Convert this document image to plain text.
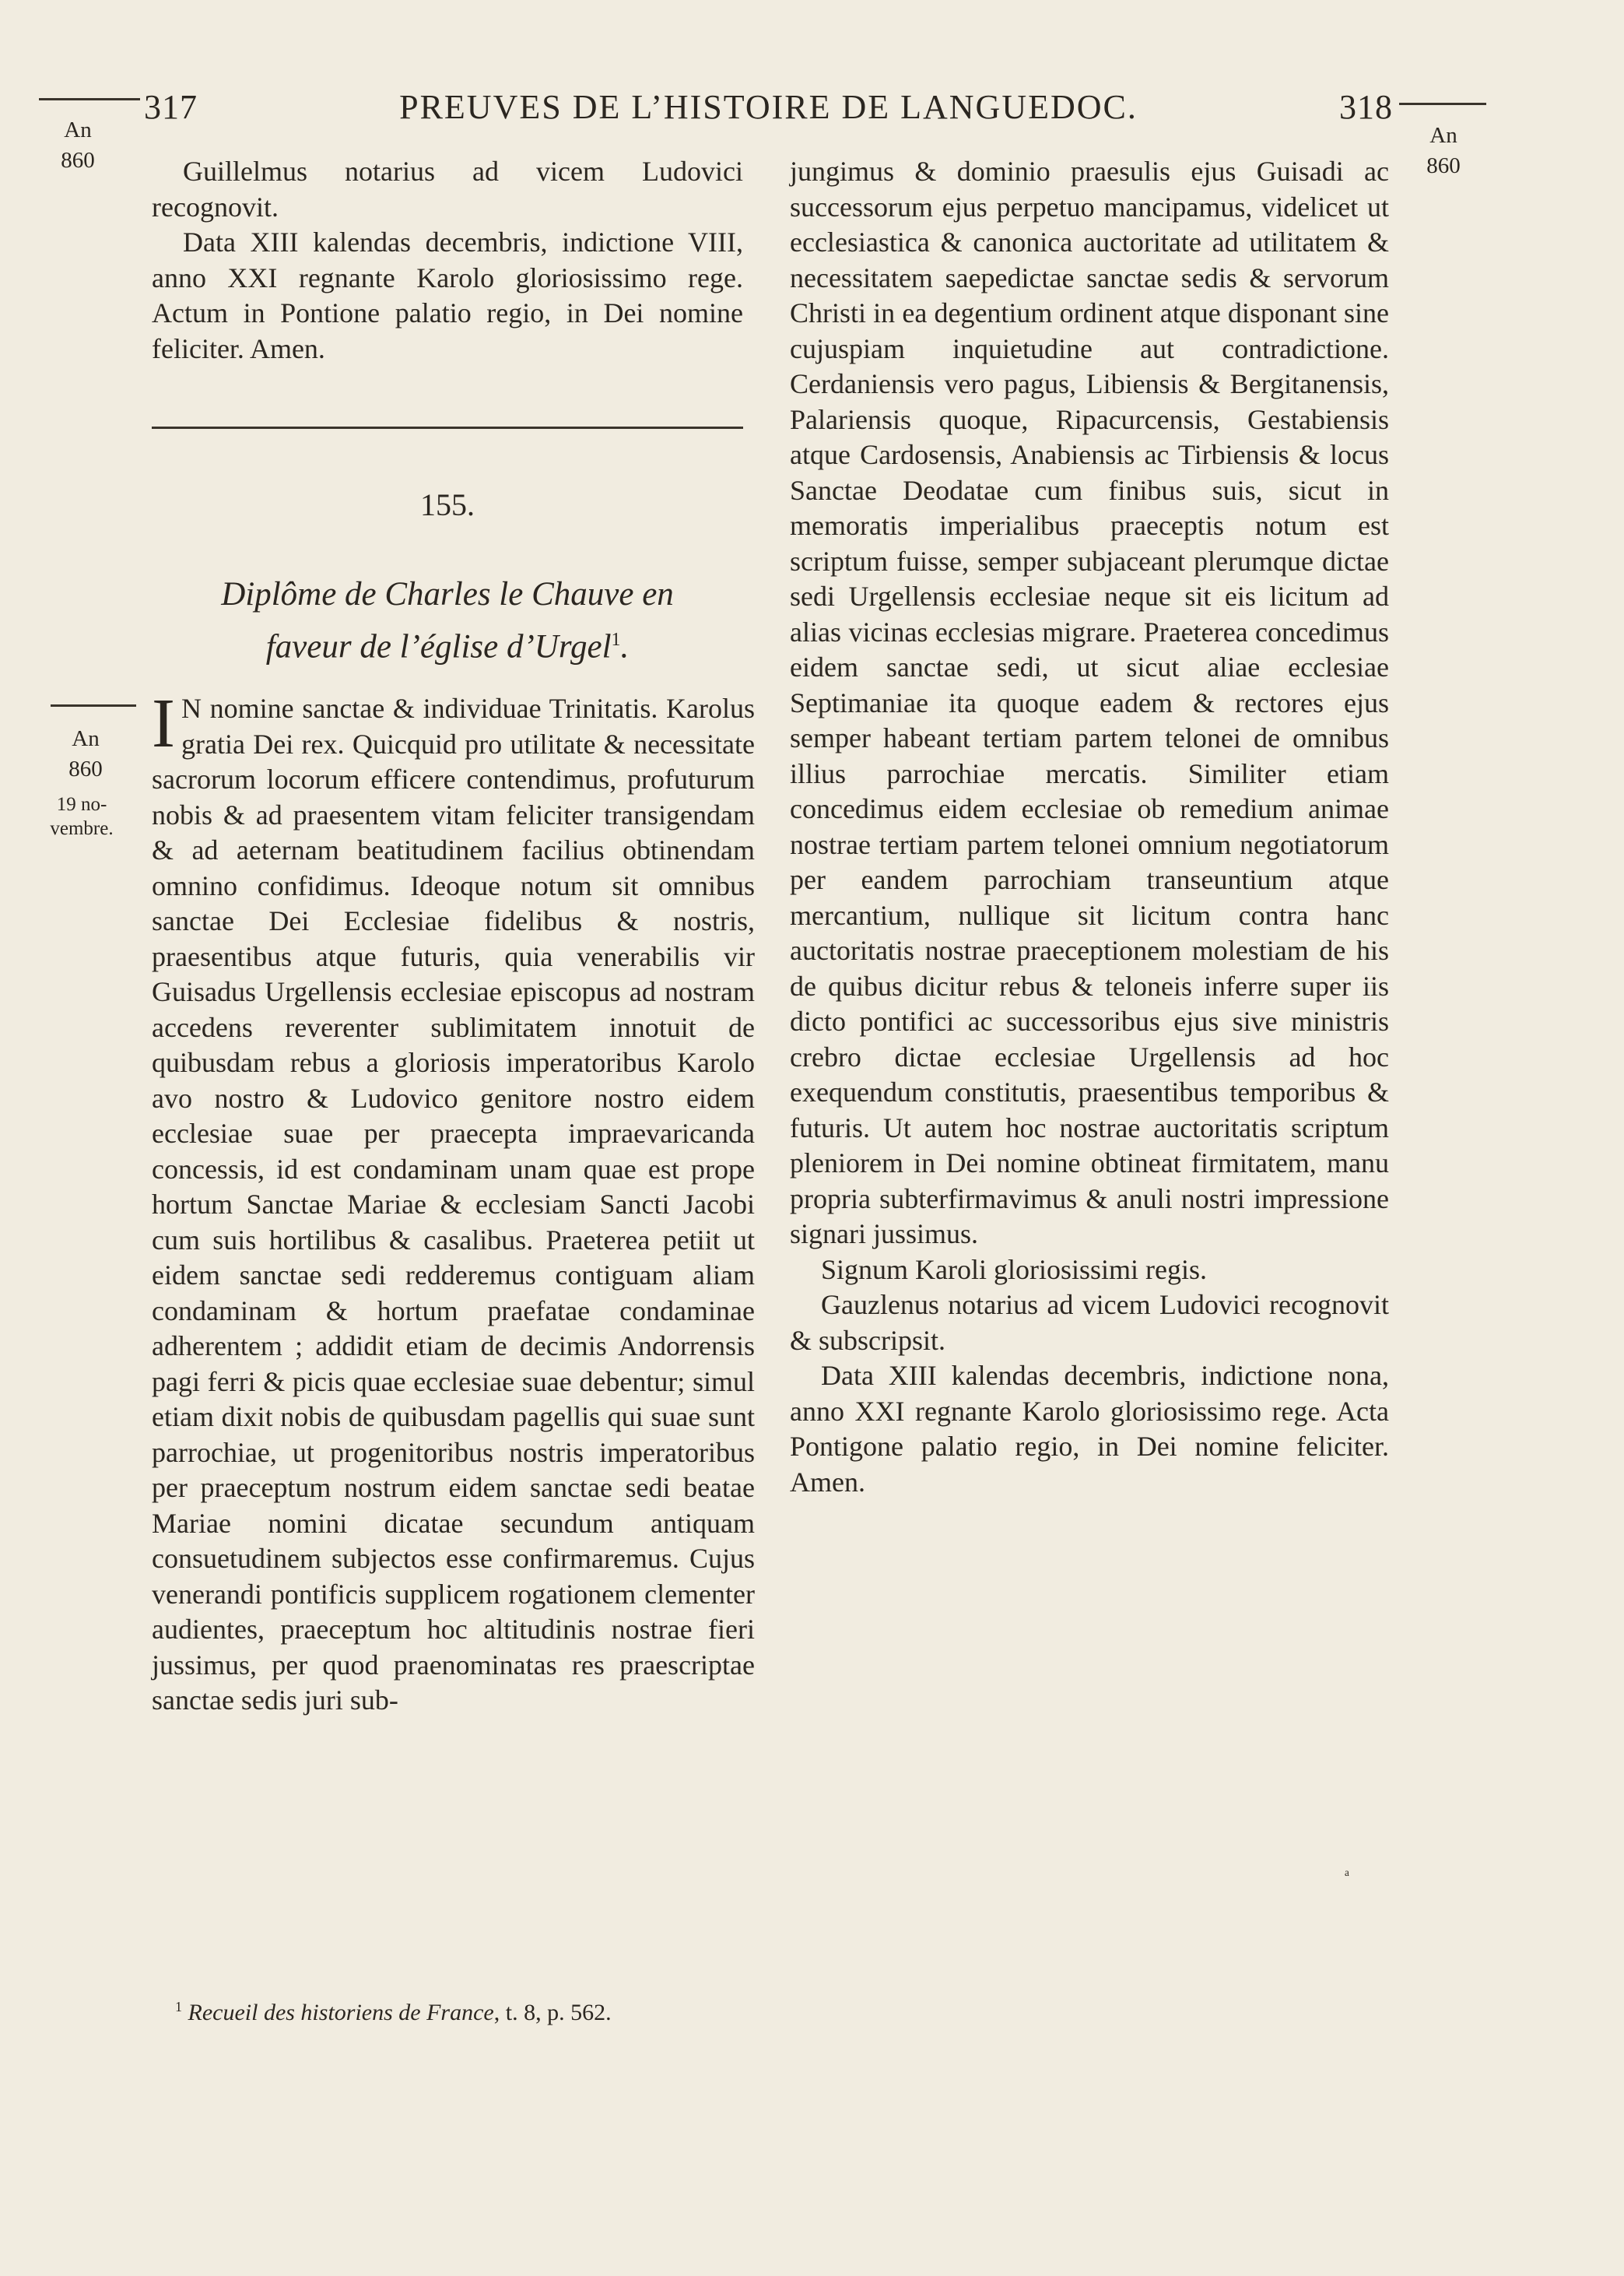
317	PREUVES DE L’HISTOIRE DE LANGUEDOC.	318
An
860
An
860
An
860
19 no-
vembre.

Guillelmus notarius ad vicem Ludovici recognovit.

Data XIII kalendas decembris, indictione VIII, anno XXI regnante Karolo gloriosissimo rege. Actum in Pontione palatio regio, in Dei nomine feliciter. Amen.

155.
Diplôme de Charles le Chauve en
faveur de l’église d’Urgel$^1$.

I N nomine sanctae & individuae Trinitatis. Karolus gratia Dei rex. Quicquid pro utilitate & necessitate sacrorum locorum efficere contendimus, profuturum nobis & ad praesentem vitam feliciter transigendam & ad aeternam beatitudinem facilius obtinendam omnino confidimus. Ideoque notum sit omnibus sanctae Dei Ecclesiae fidelibus & nostris, praesentibus atque futuris, quia venerabilis vir Guisadus Urgellensis ecclesiae episcopus ad nostram accedens reverenter sublimitatem innotuit de quibusdam rebus a gloriosis imperatoribus Karolo avo nostro & Ludovico genitore nostro eidem ecclesiae suae per praecepta impraevaricanda concessis, id est condaminam unam quae est prope hortum Sanctae Mariae & ecclesiam Sancti Jacobi cum suis hortilibus & casalibus. Praeterea petiit ut eidem sanctae sedi redderemus contiguam aliam condaminam & hortum praefatae condaminae adherentem ; addidit etiam de decimis Andorrensis pagi ferri & picis quae ecclesiae suae debentur; simul etiam dixit nobis de quibusdam pagellis qui suae sunt parrochiae, ut progenitoribus nostris imperatoribus per praeceptum nostrum eidem sanctae sedi beatae Mariae nomini dicatae secundum antiquam consuetudinem subjectos esse confirmaremus. Cujus venerandi pontificis supplicem rogationem clementer audientes, praeceptum hoc altitudinis nostrae fieri jussimus, per quod praenominatas res praescriptae sanctae sedis juri sub-

jungimus & dominio praesulis ejus Guisadi ac successorum ejus perpetuo mancipamus, videlicet ut ecclesiastica & canonica auctoritate ad utilitatem & necessitatem saepedictae sanctae sedis & servorum Christi in ea degentium ordinent atque disponant sine cujuspiam inquietudine aut contradictione. Cerdaniensis vero pagus, Libiensis & Bergitanensis, Palariensis quoque, Ripacurcensis, Gestabiensis atque Cardosensis, Anabiensis ac Tirbiensis & locus Sanctae Deodatae cum finibus suis, sicut in memoratis imperialibus praeceptis notum est scriptum fuisse, semper subjaceant plerumque dictae sedi Urgellensis ecclesiae neque sit eis licitum ad alias vicinas ecclesias migrare. Praeterea concedimus eidem sanctae sedi, ut sicut aliae ecclesiae Septimaniae ita quoque eadem & rectores ejus semper habeant tertiam partem telonei de omnibus illius parrochiae mercatis. Similiter etiam concedimus eidem ecclesiae ob remedium animae nostrae tertiam partem telonei omnium negotiatorum per eandem parrochiam transeuntium atque mercantium, nullique sit licitum contra hanc auctoritatis nostrae praeceptionem molestiam de his de quibus dicitur rebus & teloneis inferre super iis dicto pontifici ac successoribus ejus sive ministris crebro dictae ecclesiae Urgellensis ad hoc exequendum constitutis, praesentibus temporibus & futuris. Ut autem hoc nostrae auctoritatis scriptum pleniorem in Dei nomine obtineat firmitatem, manu propria subterfirmavimus & anuli nostri impressione signari jussimus.

Signum Karoli gloriosissimi regis.

Gauzlenus notarius ad vicem Ludovici recognovit & subscripsit.

Data XIII kalendas decembris, indictione nona, anno XXI regnante Karolo gloriosissimo rege. Acta Pontigone palatio regio, in Dei nomine feliciter. Amen.

$^1$ Recueil des historiens de France, t. 8, p. 562.
ᵃ
